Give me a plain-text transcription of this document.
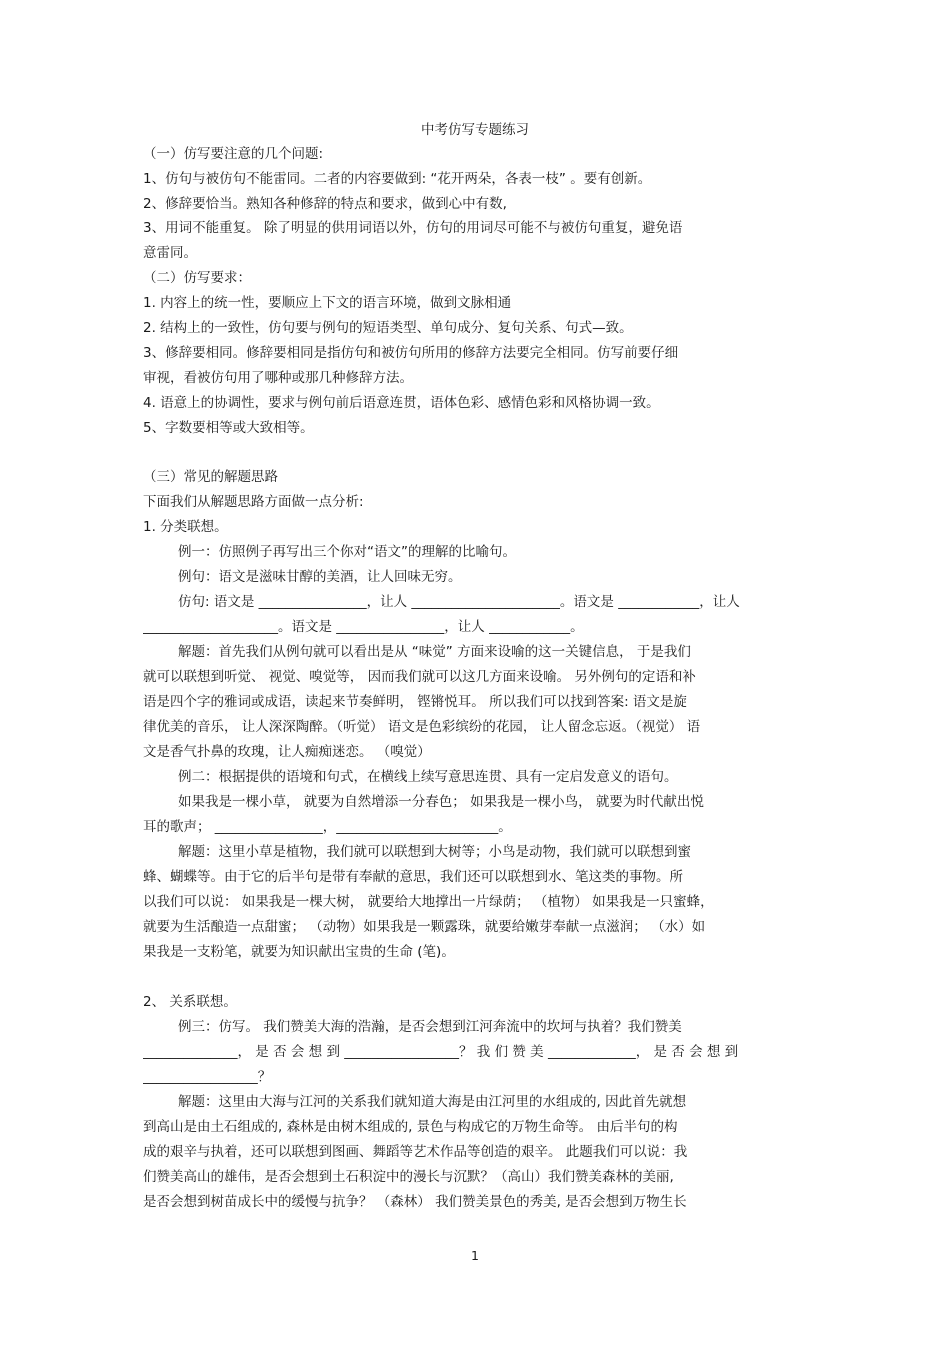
中考仿写专题练习
（一）仿写要注意的几个问题:
1、仿句与被仿句不能雷同。二者的内容要做到: “花开两朵，各表一枝” 。要有创新。
2、修辞要恰当。熟知各种修辞的特点和要求，做到心中有数,
3、用词不能重复。 除了明显的供用词语以外，仿句的用词尽可能不与被仿句重复，避免语
意雷同。
（二）仿写要求：
1. 内容上的统一性，要顺应上下文的语言环境，做到文脉相通
2. 结构上的一致性，仿句要与例句的短语类型、单句成分、复句关系、句式—致。
3、修辞要相同。修辞要相同是指仿句和被仿句所用的修辞方法要完全相同。仿写前要仔细
审视，看被仿句用了哪种或那几种修辞方法。
4. 语意上的协调性，要求与例句前后语意连贯，语体色彩、感情色彩和风格协调一致。
5、字数要相等或大致相等。
（三）常见的解题思路
下面我们从解题思路方面做一点分析:
1. 分类联想。
例一：仿照例子再写出三个你对“语文”的理解的比喻句。
例句：语文是滋味甘醇的美酒，让人回味无穷。
仿句: 语文是 ________________，让人 ______________________。语文是 ____________，让人
____________________。语文是 ________________，让人 ____________。
解题：首先我们从例句就可以看出是从 “味觉” 方面来设喻的这一关键信息， 于是我们
就可以联想到听觉、 视觉、嗅觉等， 因而我们就可以这几方面来设喻。 另外例句的定语和补
语是四个字的雅词或成语，读起来节奏鲜明， 铿锵悦耳。 所以我们可以找到答案: 语文是旋
律优美的音乐， 让人深深陶醉。（听觉） 语文是色彩缤纷的花园， 让人留念忘返。（视觉） 语
文是香气扑鼻的玫瑰，让人痴痴迷恋。 （嗅觉）
例二：根据提供的语境和句式，在横线上续写意思连贯、具有一定启发意义的语句。
如果我是一棵小草， 就要为自然增添一分春色； 如果我是一棵小鸟， 就要为时代献出悦
耳的歌声； ________________，________________________。
解题：这里小草是植物，我们就可以联想到大树等；小鸟是动物，我们就可以联想到蜜
蜂、蝴蝶等。由于它的后半句是带有奉献的意思，我们还可以联想到水、笔这类的事物。所
以我们可以说： 如果我是一棵大树， 就要给大地撑出一片绿荫； （植物） 如果我是一只蜜蜂，
就要为生活酿造一点甜蜜； （动物）如果我是一颗露珠，就要给嫩芽奉献一点滋润； （水）如
果我是一支粉笔，就要为知识献出宝贵的生命 (笔)。
2、 关系联想。
例三：仿写。 我们赞美大海的浩瀚，是否会想到江河奔流中的坎坷与执着？我们赞美
______________， 是 否 会 想 到 _________________？ 我 们 赞 美 _____________， 是 否 会 想 到
_________________？
解题：这里由大海与江河的关系我们就知道大海是由江河里的水组成的, 因此首先就想
到高山是由土石组成的, 森林是由树木组成的, 景色与构成它的万物生命等。 由后半句的构
成的艰辛与执着，还可以联想到图画、舞蹈等艺术作品等创造的艰辛。 此题我们可以说：我
们赞美高山的雄伟，是否会想到土石积淀中的漫长与沉默？（高山）我们赞美森林的美丽,
是否会想到树苗成长中的缓慢与抗争？ （森林） 我们赞美景色的秀美, 是否会想到万物生长
1
